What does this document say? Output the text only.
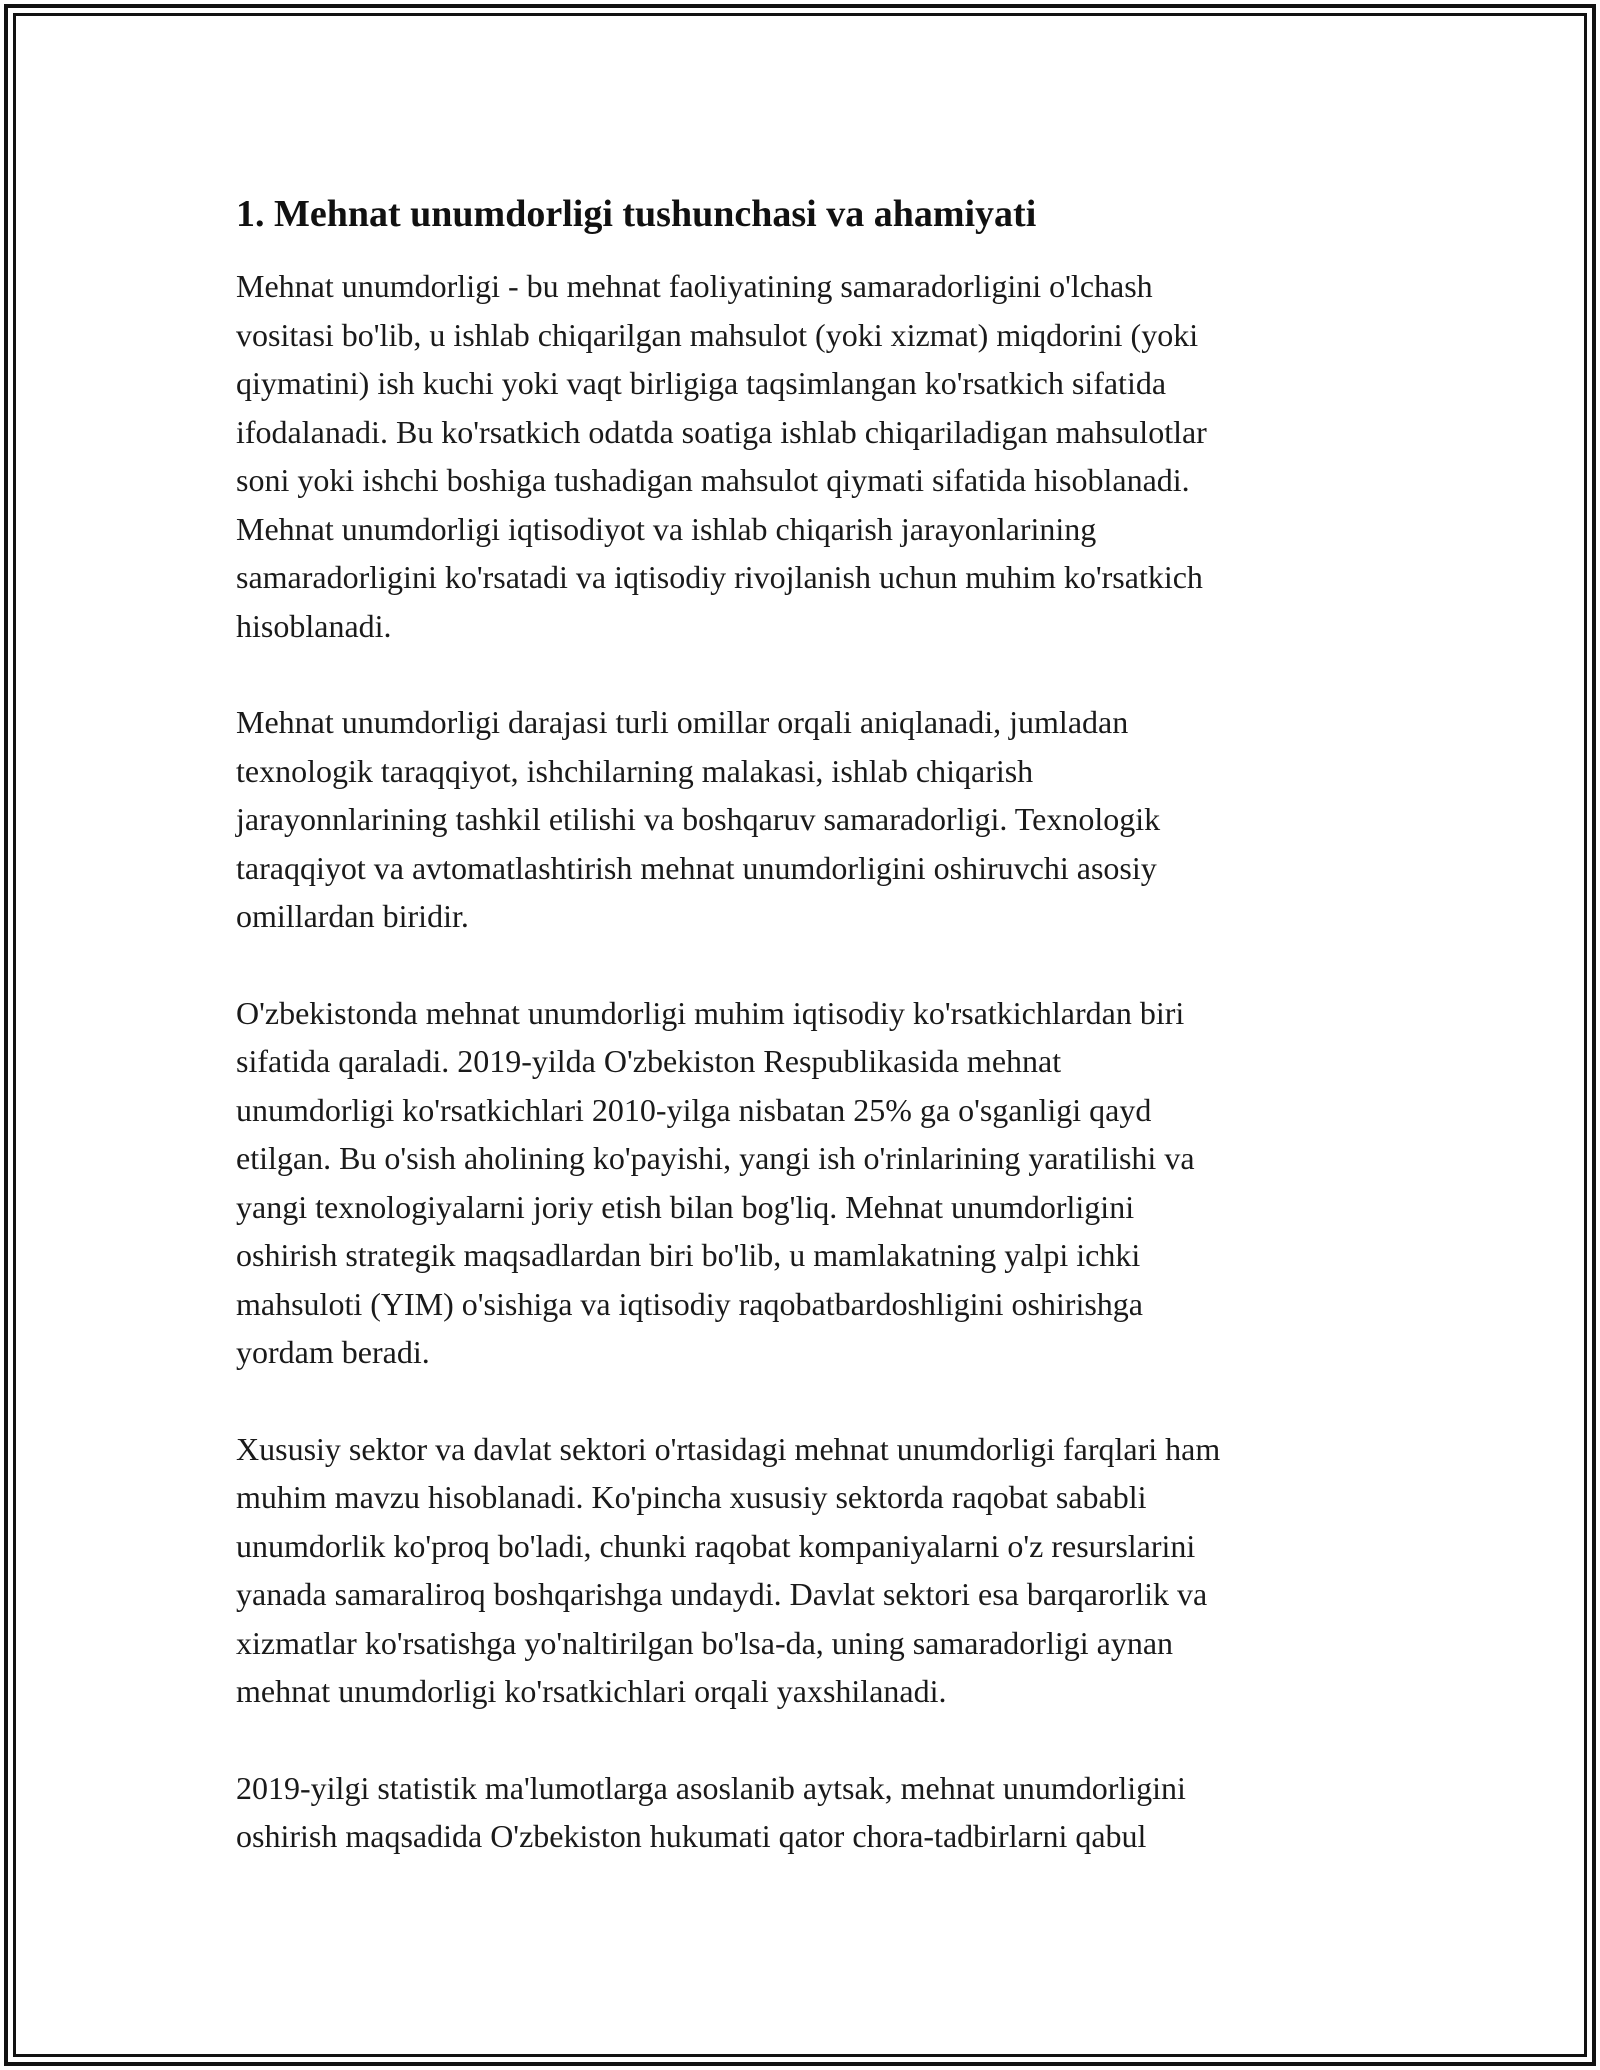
1. Mehnat unumdorligi tushunchasi va ahamiyati

Mehnat unumdorligi - bu mehnat faoliyatining samaradorligini o'lchash
vositasi bo'lib, u ishlab chiqarilgan mahsulot (yoki xizmat) miqdorini (yoki
qiymatini) ish kuchi yoki vaqt birligiga taqsimlangan ko'rsatkich sifatida
ifodalanadi. Bu ko'rsatkich odatda soatiga ishlab chiqariladigan mahsulotlar
soni yoki ishchi boshiga tushadigan mahsulot qiymati sifatida hisoblanadi.
Mehnat unumdorligi iqtisodiyot va ishlab chiqarish jarayonlarining
samaradorligini ko'rsatadi va iqtisodiy rivojlanish uchun muhim ko'rsatkich
hisoblanadi.

Mehnat unumdorligi darajasi turli omillar orqali aniqlanadi, jumladan
texnologik taraqqiyot, ishchilarning malakasi, ishlab chiqarish
jarayonnlarining tashkil etilishi va boshqaruv samaradorligi. Texnologik
taraqqiyot va avtomatlashtirish mehnat unumdorligini oshiruvchi asosiy
omillardan biridir.

O'zbekistonda mehnat unumdorligi muhim iqtisodiy ko'rsatkichlardan biri
sifatida qaraladi. 2019-yilda O'zbekiston Respublikasida mehnat
unumdorligi ko'rsatkichlari 2010-yilga nisbatan 25% ga o'sganligi qayd
etilgan. Bu o'sish aholining ko'payishi, yangi ish o'rinlarining yaratilishi va
yangi texnologiyalarni joriy etish bilan bog'liq. Mehnat unumdorligini
oshirish strategik maqsadlardan biri bo'lib, u mamlakatning yalpi ichki
mahsuloti (YIM) o'sishiga va iqtisodiy raqobatbardoshligini oshirishga
yordam beradi.

Xususiy sektor va davlat sektori o'rtasidagi mehnat unumdorligi farqlari ham
muhim mavzu hisoblanadi. Ko'pincha xususiy sektorda raqobat sababli
unumdorlik ko'proq bo'ladi, chunki raqobat kompaniyalarni o'z resurslarini
yanada samaraliroq boshqarishga undaydi. Davlat sektori esa barqarorlik va
xizmatlar ko'rsatishga yo'naltirilgan bo'lsa-da, uning samaradorligi aynan
mehnat unumdorligi ko'rsatkichlari orqali yaxshilanadi.

2019-yilgi statistik ma'lumotlarga asoslanib aytsak, mehnat unumdorligini
oshirish maqsadida O'zbekiston hukumati qator chora-tadbirlarni qabul
